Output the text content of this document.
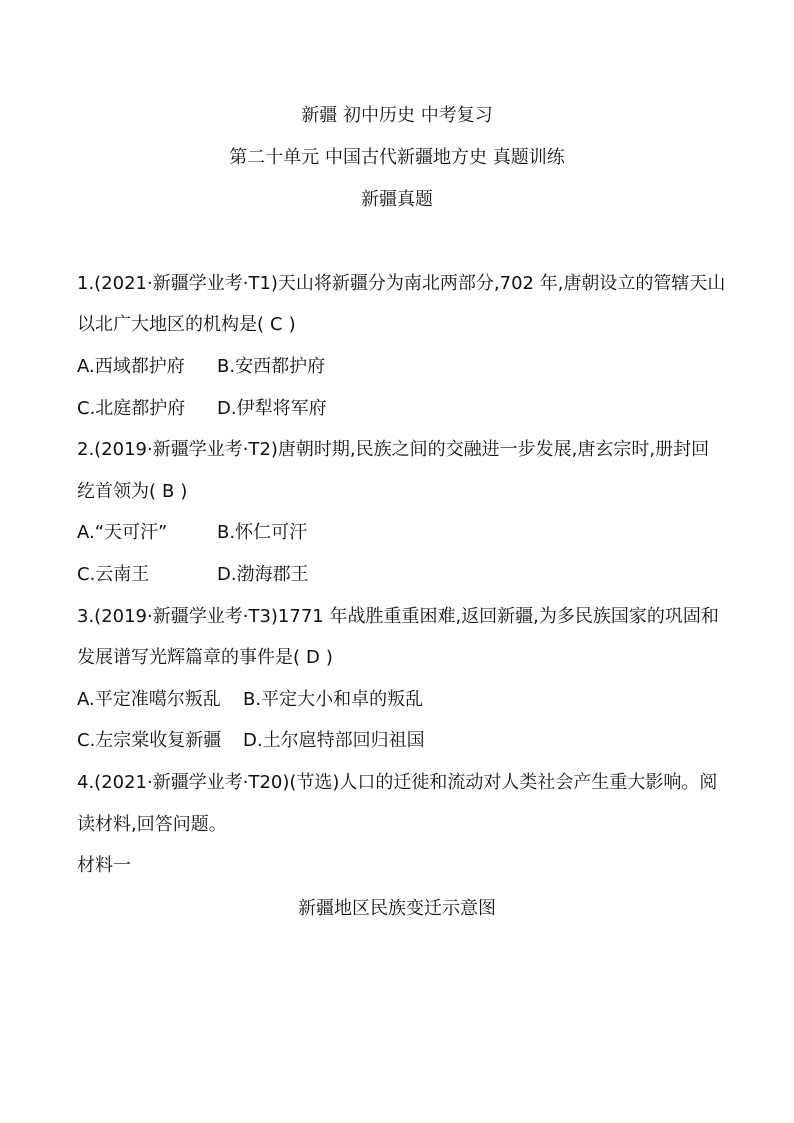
新疆 初中历史 中考复习
第二十单元 中国古代新疆地方史 真题训练
新疆真题
1.(2021·新疆学业考·T1)天山将新疆分为南北两部分,702 年,唐朝设立的管辖天山
以北广大地区的机构是( C )
A.西域都护府 B.安西都护府
C.北庭都护府 D.伊犁将军府
2.(2019·新疆学业考·T2)唐朝时期,民族之间的交融进一步发展,唐玄宗时,册封回
纥首领为( B )
A.“天可汗”	B.怀仁可汗
C.云南王	D.渤海郡王
3.(2019·新疆学业考·T3)1771 年战胜重重困难,返回新疆,为多民族国家的巩固和
发展谱写光辉篇章的事件是( D )
A.平定准噶尔叛乱 B.平定大小和卓的叛乱
C.左宗棠收复新疆 D.土尔扈特部回归祖国
4.(2021·新疆学业考·T20)(节选)人口的迁徙和流动对人类社会产生重大影响。阅
读材料,回答问题。
材料一
新疆地区民族变迁示意图
